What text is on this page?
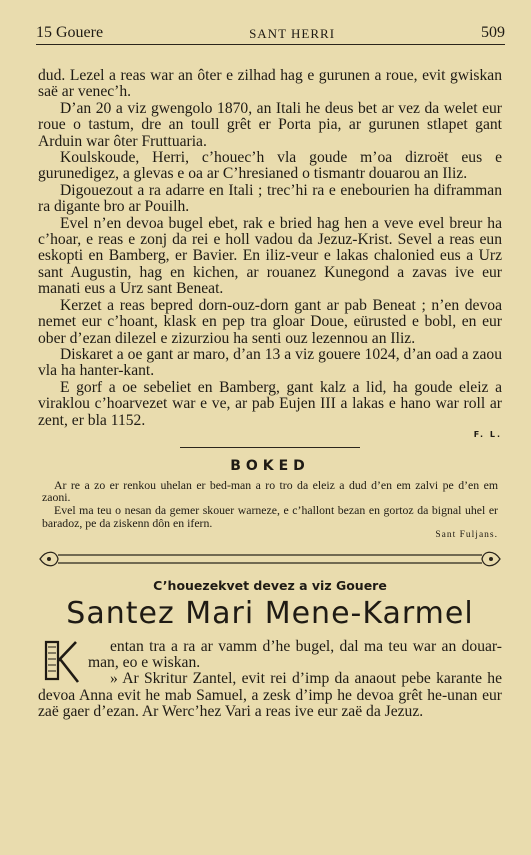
15 Gouere	SANT HERRI	509

dud. Lezel a reas war an ôter e zilhad hag e gurunen a roue, evit gwiskan saë ar venec’h.

D’an 20 a viz gwengolo 1870, an Itali he deus bet ar vez da welet eur roue o tastum, dre an toull grêt er Porta pia, ar gurunen stlapet gant Arduin war ôter Fruttuaria.

Koulskoude, Herri, c’houec’h vla goude m’oa dizroët eus e gurunedigez, a glevas e oa ar C’hresianed o tismantr douarou an Iliz.

Digouezout a ra adarre en Itali ; trec’hi ra e enebourien ha diframman ra digante bro ar Pouilh.

Evel n’en devoa bugel ebet, rak e bried hag hen a veve evel breur ha c’hoar, e reas e zonj da rei e holl vadou da Jezuz-Krist. Sevel a reas eun eskopti en Bamberg, er Bavier. En iliz-veur e lakas chalonied eus a Urz sant Augustin, hag en kichen, ar rouanez Kunegond a zavas ive eur manati eus a Urz sant Beneat.

Kerzet a reas bepred dorn-ouz-dorn gant ar pab Beneat ; n’en devoa nemet eur c’hoant, klask en pep tra gloar Doue, eürusted e bobl, en eur ober d’ezan dilezel e zizurziou ha senti ouz lezennou an Iliz.

Diskaret a oe gant ar maro, d’an 13 a viz gouere 1024, d’an oad a zaou vla ha hanter-kant.

E gorf a oe sebeliet en Bamberg, gant kalz a lid, ha goude eleiz a viraklou c’hoarvezet war e ve, ar pab Eujen III a lakas e hano war roll ar zent, er bla 1152.

F. L.
BOKED

Ar re a zo er renkou uhelan er bed-man a ro tro da eleiz a dud d’en em zalvi pe d’en em zaoni.

Evel ma teu o nesan da gemer skouer warneze, e c’hallont bezan en gortoz da bignal uhel er baradoz, pe da ziskenn dôn en ifern.

Sant Fuljans.
C’houezekvet devez a viz Gouere
Santez Mari Mene-Karmel

entan tra a ra ar vamm d’he bugel, dal ma teu war an douar-man, eo e wiskan.

» Ar Skritur Zantel, evit rei d’imp da anaout pebe karante he devoa Anna evit he mab Samuel, a zesk d’imp he devoa grêt he-unan eur zaë gaer d’ezan. Ar Werc’hez Vari a reas ive eur zaë da Jezuz.
